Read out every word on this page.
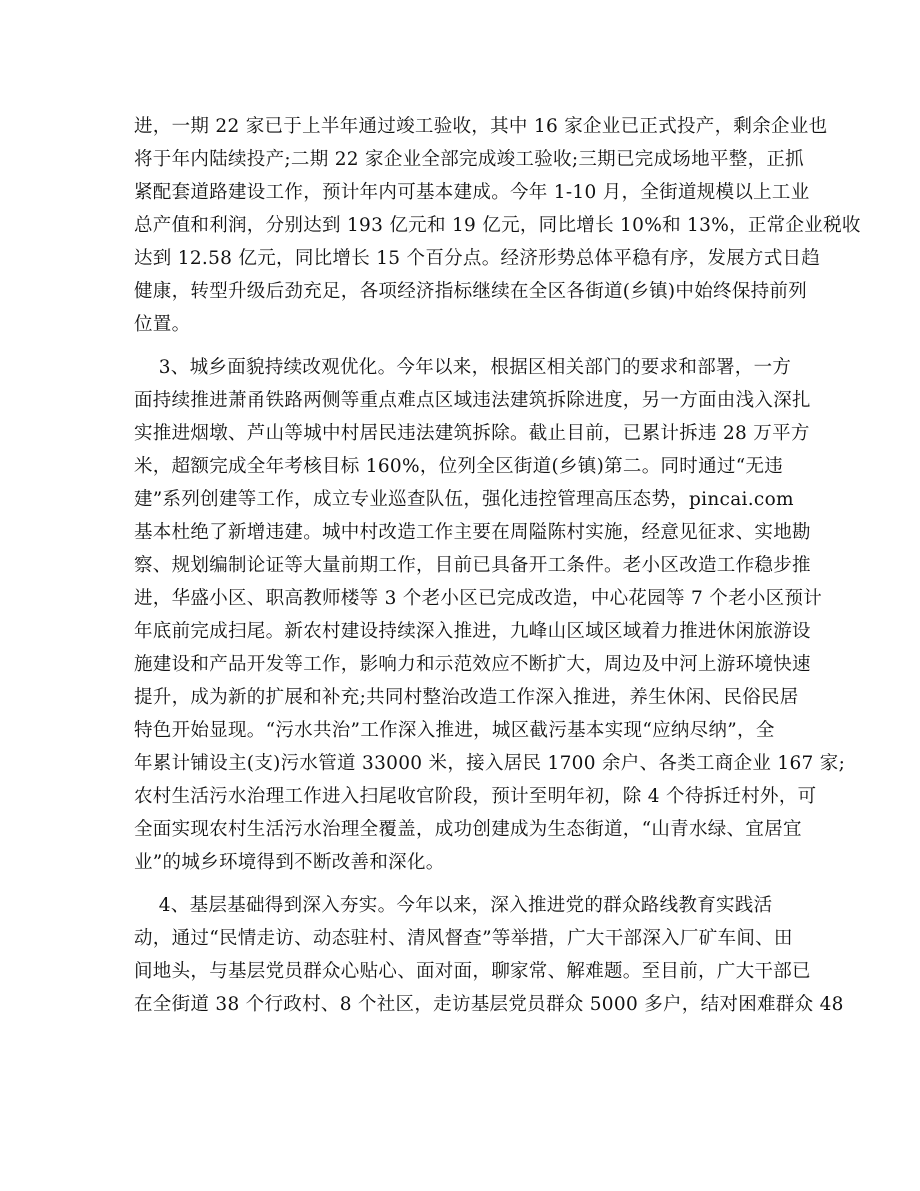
进，一期 22 家已于上半年通过竣工验收，其中 16 家企业已正式投产，剩余企业也
将于年内陆续投产;二期 22 家企业全部完成竣工验收;三期已完成场地平整，正抓
紧配套道路建设工作，预计年内可基本建成。今年 1-10 月，全街道规模以上工业
总产值和利润，分别达到 193 亿元和 19 亿元，同比增长 10%和 13%，正常企业税收
达到 12.58 亿元，同比增长 15 个百分点。经济形势总体平稳有序，发展方式日趋
健康，转型升级后劲充足，各项经济指标继续在全区各街道(乡镇)中始终保持前列
位置。
3、城乡面貌持续改观优化。今年以来，根据区相关部门的要求和部署，一方
面持续推进萧甬铁路两侧等重点难点区域违法建筑拆除进度，另一方面由浅入深扎
实推进烟墩、芦山等城中村居民违法建筑拆除。截止目前，已累计拆违 28 万平方
米，超额完成全年考核目标 160%，位列全区街道(乡镇)第二。同时通过“无违
建”系列创建等工作，成立专业巡查队伍，强化违控管理高压态势，pincai.com
基本杜绝了新增违建。城中村改造工作主要在周隘陈村实施，经意见征求、实地勘
察、规划编制论证等大量前期工作，目前已具备开工条件。老小区改造工作稳步推
进，华盛小区、职高教师楼等 3 个老小区已完成改造，中心花园等 7 个老小区预计
年底前完成扫尾。新农村建设持续深入推进，九峰山区域区域着力推进休闲旅游设
施建设和产品开发等工作，影响力和示范效应不断扩大，周边及中河上游环境快速
提升，成为新的扩展和补充;共同村整治改造工作深入推进，养生休闲、民俗民居
特色开始显现。“污水共治”工作深入推进，城区截污基本实现“应纳尽纳”，全
年累计铺设主(支)污水管道 33000 米，接入居民 1700 余户、各类工商企业 167 家;
农村生活污水治理工作进入扫尾收官阶段，预计至明年初，除 4 个待拆迁村外，可
全面实现农村生活污水治理全覆盖，成功创建成为生态街道，“山青水绿、宜居宜
业”的城乡环境得到不断改善和深化。
4、基层基础得到深入夯实。今年以来，深入推进党的群众路线教育实践活
动，通过“民情走访、动态驻村、清风督查”等举措，广大干部深入厂矿车间、田
间地头，与基层党员群众心贴心、面对面，聊家常、解难题。至目前，广大干部已
在全街道 38 个行政村、8 个社区，走访基层党员群众 5000 多户，结对困难群众 48
